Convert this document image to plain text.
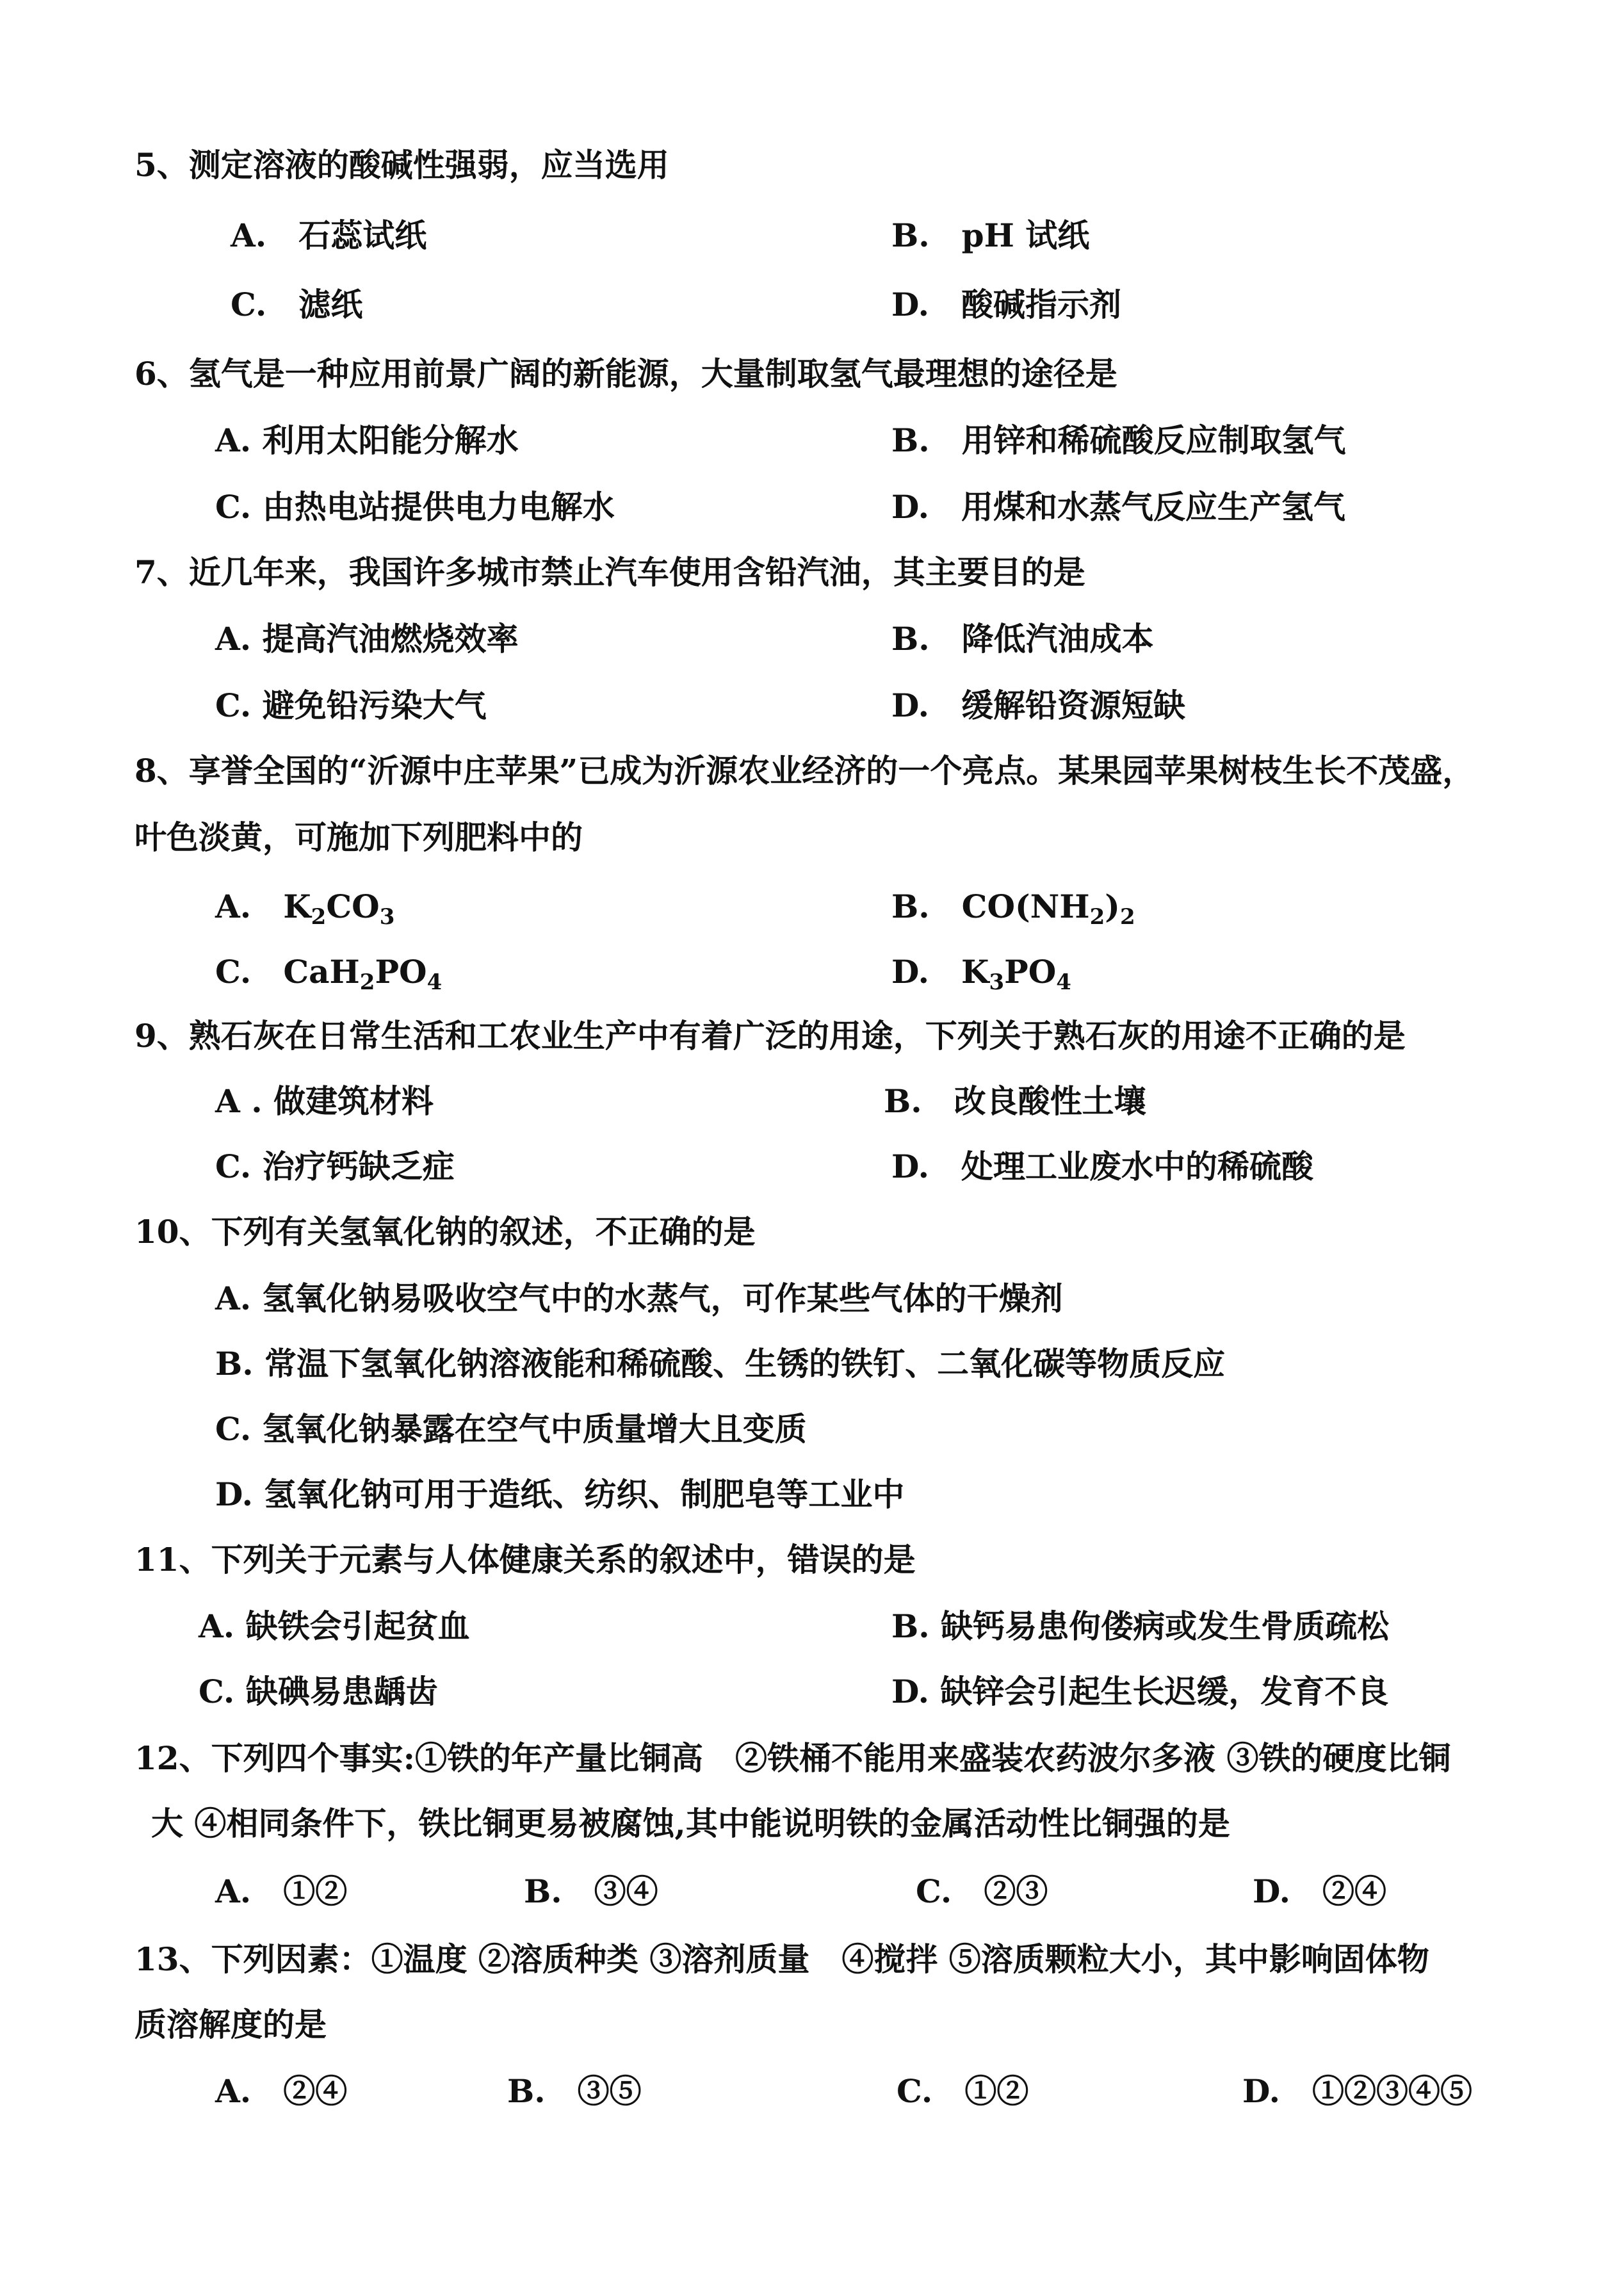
5、测定溶液的酸碱性强弱，应当选用
A.　石蕊试纸	B.　pH 试纸
C.　滤纸	D.　酸碱指示剂
6、氢气是一种应用前景广阔的新能源，大量制取氢气最理想的途径是
A. 利用太阳能分解水	B.　用锌和稀硫酸反应制取氢气
C. 由热电站提供电力电解水	D.　用煤和水蒸气反应生产氢气
7、近几年来，我国许多城市禁止汽车使用含铅汽油，其主要目的是
A. 提高汽油燃烧效率	B.　降低汽油成本
C. 避免铅污染大气	D.　缓解铅资源短缺
8、享誉全国的“沂源中庄苹果”已成为沂源农业经济的一个亮点。某果园苹果树枝生长不茂盛，
叶色淡黄，可施加下列肥料中的
A.　$K_2CO_3$	B.　$CO(NH_2)_2$
C.　$CaH_2PO_4$	D.　$K_3PO_4$
9、熟石灰在日常生活和工农业生产中有着广泛的用途，下列关于熟石灰的用途不正确的是
A . 做建筑材料	B.　改良酸性土壤
C. 治疗钙缺乏症	D.　处理工业废水中的稀硫酸
10、下列有关氢氧化钠的叙述，不正确的是
A. 氢氧化钠易吸收空气中的水蒸气，可作某些气体的干燥剂
B. 常温下氢氧化钠溶液能和稀硫酸、生锈的铁钉、二氧化碳等物质反应
C. 氢氧化钠暴露在空气中质量增大且变质
D. 氢氧化钠可用于造纸、纺织、制肥皂等工业中
11、下列关于元素与人体健康关系的叙述中，错误的是
A. 缺铁会引起贫血	B. 缺钙易患佝偻病或发生骨质疏松
C. 缺碘易患龋齿	D. 缺锌会引起生长迟缓，发育不良
12、下列四个事实:①铁的年产量比铜高　②铁桶不能用来盛装农药波尔多液 ③铁的硬度比铜
大 ④相同条件下，铁比铜更易被腐蚀,其中能说明铁的金属活动性比铜强的是
A.　①②	B.　③④	C.　②③	D.　②④
13、下列因素：①温度 ②溶质种类 ③溶剂质量　④搅拌 ⑤溶质颗粒大小，其中影响固体物
质溶解度的是
A.　②④	B.　③⑤	C.　①②	D.　①②③④⑤
